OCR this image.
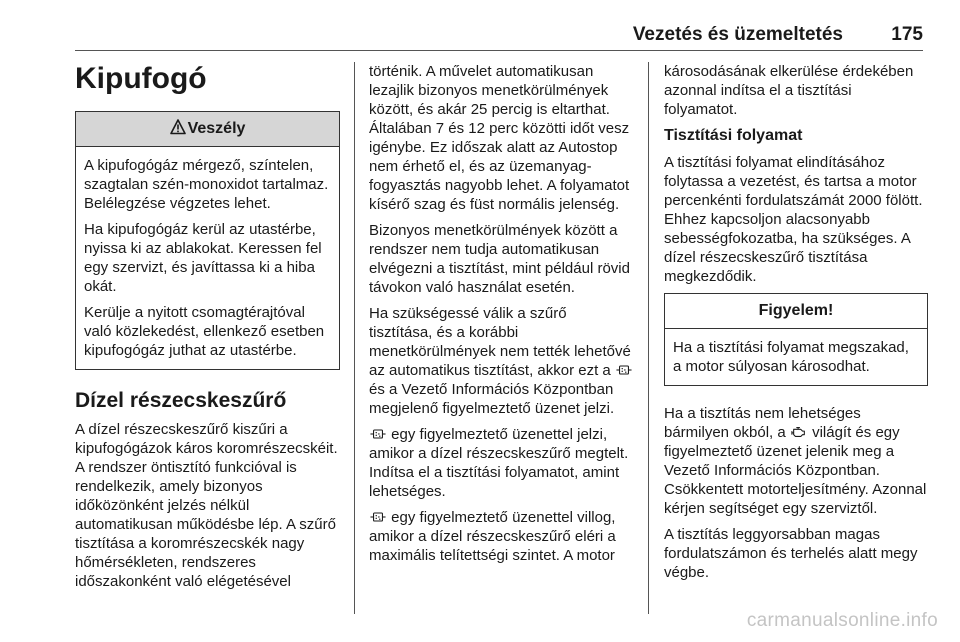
Vezetés és üzemeltetés	175
Kipufogó
Veszély

A kipufogógáz mérgező, színtelen, szagtalan szén-monoxidot tartalmaz. Belélegzése végzetes lehet.

Ha kipufogógáz kerül az utastérbe, nyissa ki az ablakokat. Keressen fel egy szervizt, és javíttassa ki a hiba okát.

Kerülje a nyitott csomagtérajtóval való közlekedést, ellenkező esetben kipufogógáz juthat az utastérbe.

Dízel részecskeszűrő

A dízel részecskeszűrő kiszűri a kipufogógázok káros koromrészecskéit. A rendszer öntisztító funkcióval is rendelkezik, amely bizonyos időközönként jelzés nélkül automatikusan működésbe lép. A szűrő tisztítása a koromrészecskék nagy hőmérsékleten, rendszeres időszakonként való elégetésével

történik. A művelet automatikusan lezajlik bizonyos menetkörülmények között, és akár 25 percig is eltarthat. Általában 7 és 12 perc közötti időt vesz igénybe. Ez időszak alatt az Autostop nem érhető el, és az üzemanyag-fogyasztás nagyobb lehet. A folyamatot kísérő szag és füst normális jelenség.

Bizonyos menetkörülmények között a rendszer nem tudja automatikusan elvégezni a tisztítást, mint például rövid távokon való használat esetén.

Ha szükségessé válik a szűrő tisztítása, és a korábbi menetkörülmények nem tették lehetővé az automatikus tisztítást, akkor ezt a  és a Vezető Információs Központban megjelenő figyelmeztető üzenet jelzi.

egy figyelmeztető üzenettel jelzi, amikor a dízel részecskeszűrő megtelt. Indítsa el a tisztítási folyamatot, amint lehetséges.

egy figyelmeztető üzenettel villog, amikor a dízel részecskeszűrő eléri a maximális telítettségi szintet. A motor

károsodásának elkerülése érdekében azonnal indítsa el a tisztítási folyamatot.

Tisztítási folyamat

A tisztítási folyamat elindításához folytassa a vezetést, és tartsa a motor percenkénti fordulatszámát 2000 fölött. Ehhez kapcsoljon alacsonyabb sebességfokozatba, ha szükséges. A dízel részecskeszűrő tisztítása megkezdődik.

Figyelem!

Ha a tisztítási folyamat megszakad, a motor súlyosan károsodhat.

Ha a tisztítás nem lehetséges bármilyen okból, a világít és egy figyelmeztető üzenet jelenik meg a Vezető Információs Központban. Csökkentett motorteljesítmény. Azonnal kérjen segítséget egy szerviztől.

A tisztítás leggyorsabban magas fordulatszámon és terhelés alatt megy végbe.

carmanualsonline.info
